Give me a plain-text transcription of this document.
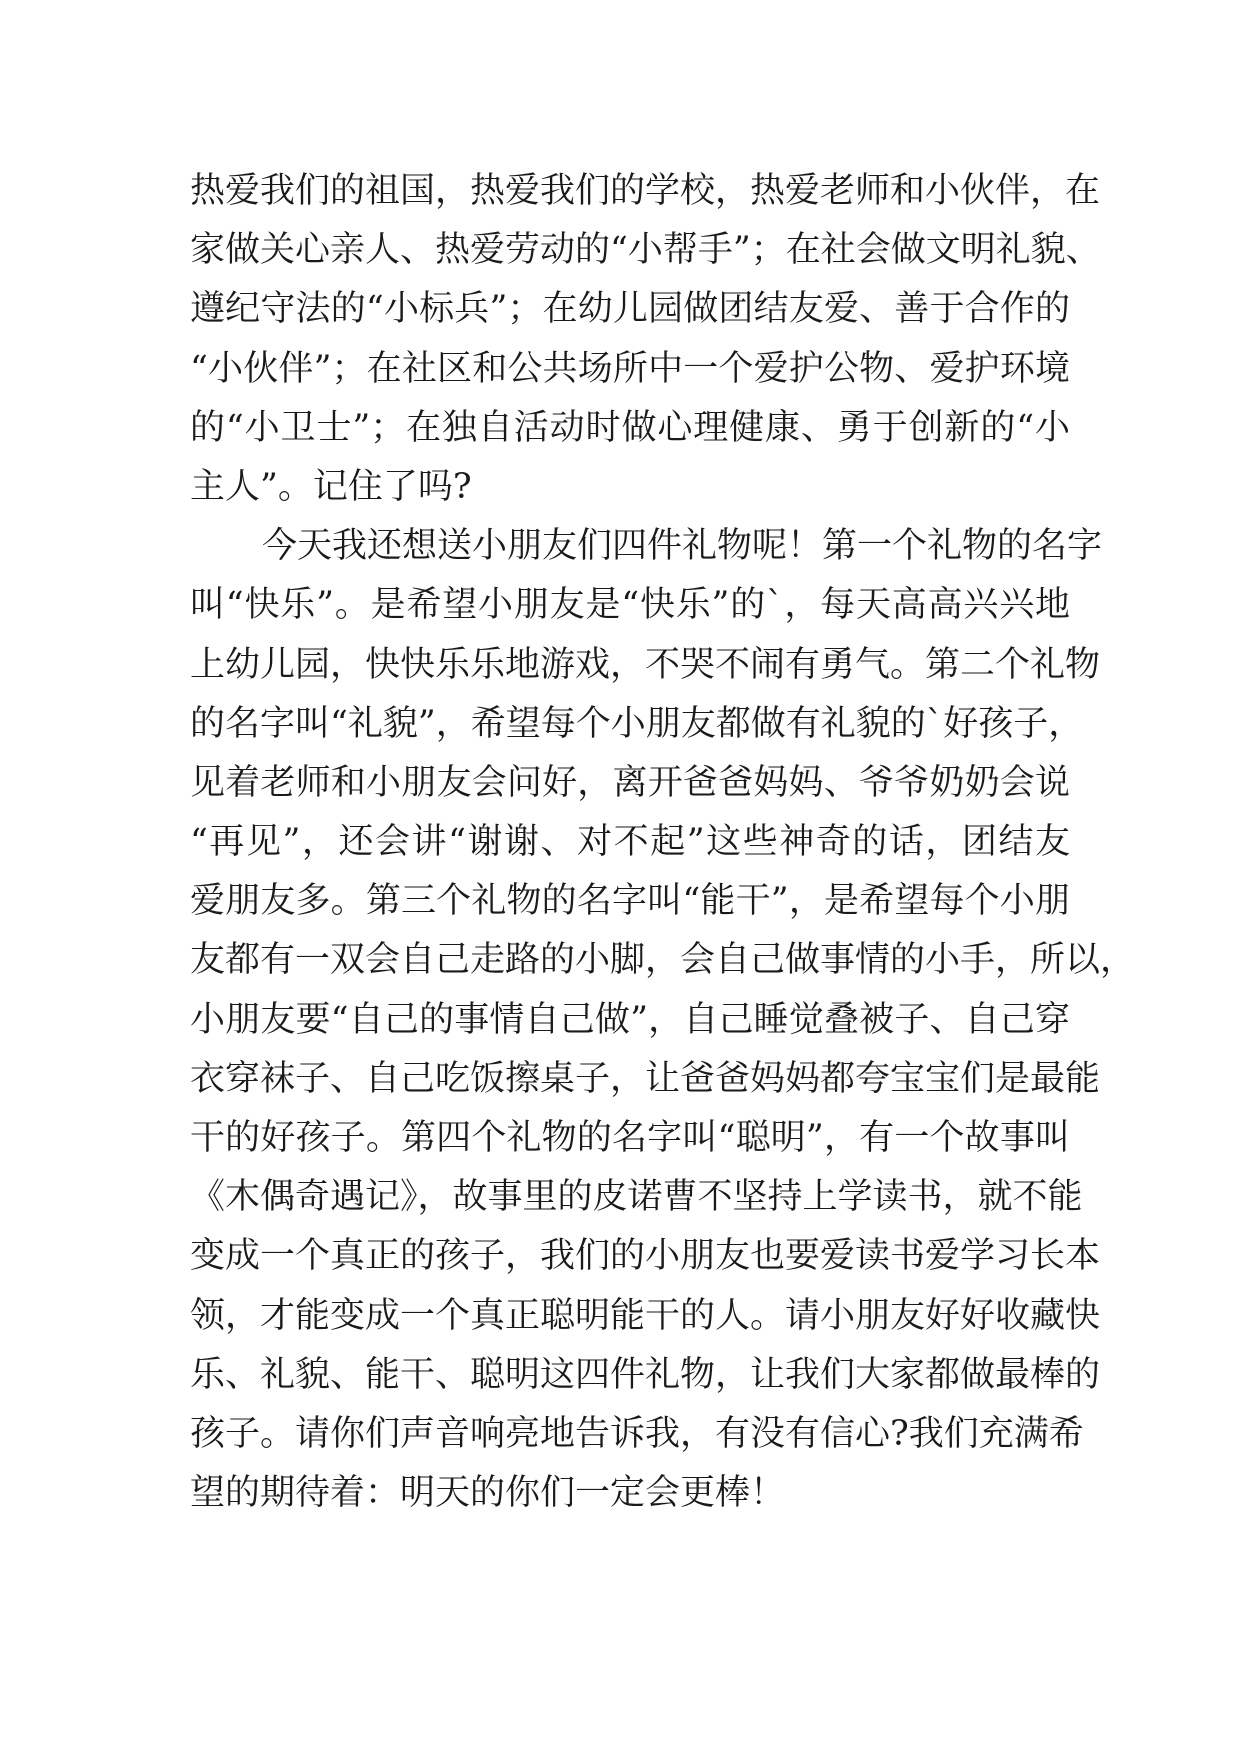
热爱我们的祖国，热爱我们的学校，热爱老师和小伙伴，在
家做关心亲人、热爱劳动的“小帮手”；在社会做文明礼貌、
遵纪守法的“小标兵”；在幼儿园做团结友爱、善于合作的
“小伙伴”；在社区和公共场所中一个爱护公物、爱护环境
的“小卫士”；在独自活动时做心理健康、勇于创新的“小
主人”。记住了吗?
今天我还想送小朋友们四件礼物呢！第一个礼物的名字
叫“快乐”。是希望小朋友是“快乐”的`，每天高高兴兴地
上幼儿园，快快乐乐地游戏，不哭不闹有勇气。第二个礼物
的名字叫“礼貌”，希望每个小朋友都做有礼貌的`好孩子，
见着老师和小朋友会问好，离开爸爸妈妈、爷爷奶奶会说
“再见”，还会讲“谢谢、对不起”这些神奇的话，团结友
爱朋友多。第三个礼物的名字叫“能干”，是希望每个小朋
友都有一双会自己走路的小脚，会自己做事情的小手，所以，
小朋友要“自己的事情自己做”，自己睡觉叠被子、自己穿
衣穿袜子、自己吃饭擦桌子，让爸爸妈妈都夸宝宝们是最能
干的好孩子。第四个礼物的名字叫“聪明”，有一个故事叫
《木偶奇遇记》，故事里的皮诺曹不坚持上学读书，就不能
变成一个真正的孩子，我们的小朋友也要爱读书爱学习长本
领，才能变成一个真正聪明能干的人。请小朋友好好收藏快
乐、礼貌、能干、聪明这四件礼物，让我们大家都做最棒的
孩子。请你们声音响亮地告诉我，有没有信心?我们充满希
望的期待着：明天的你们一定会更棒！
